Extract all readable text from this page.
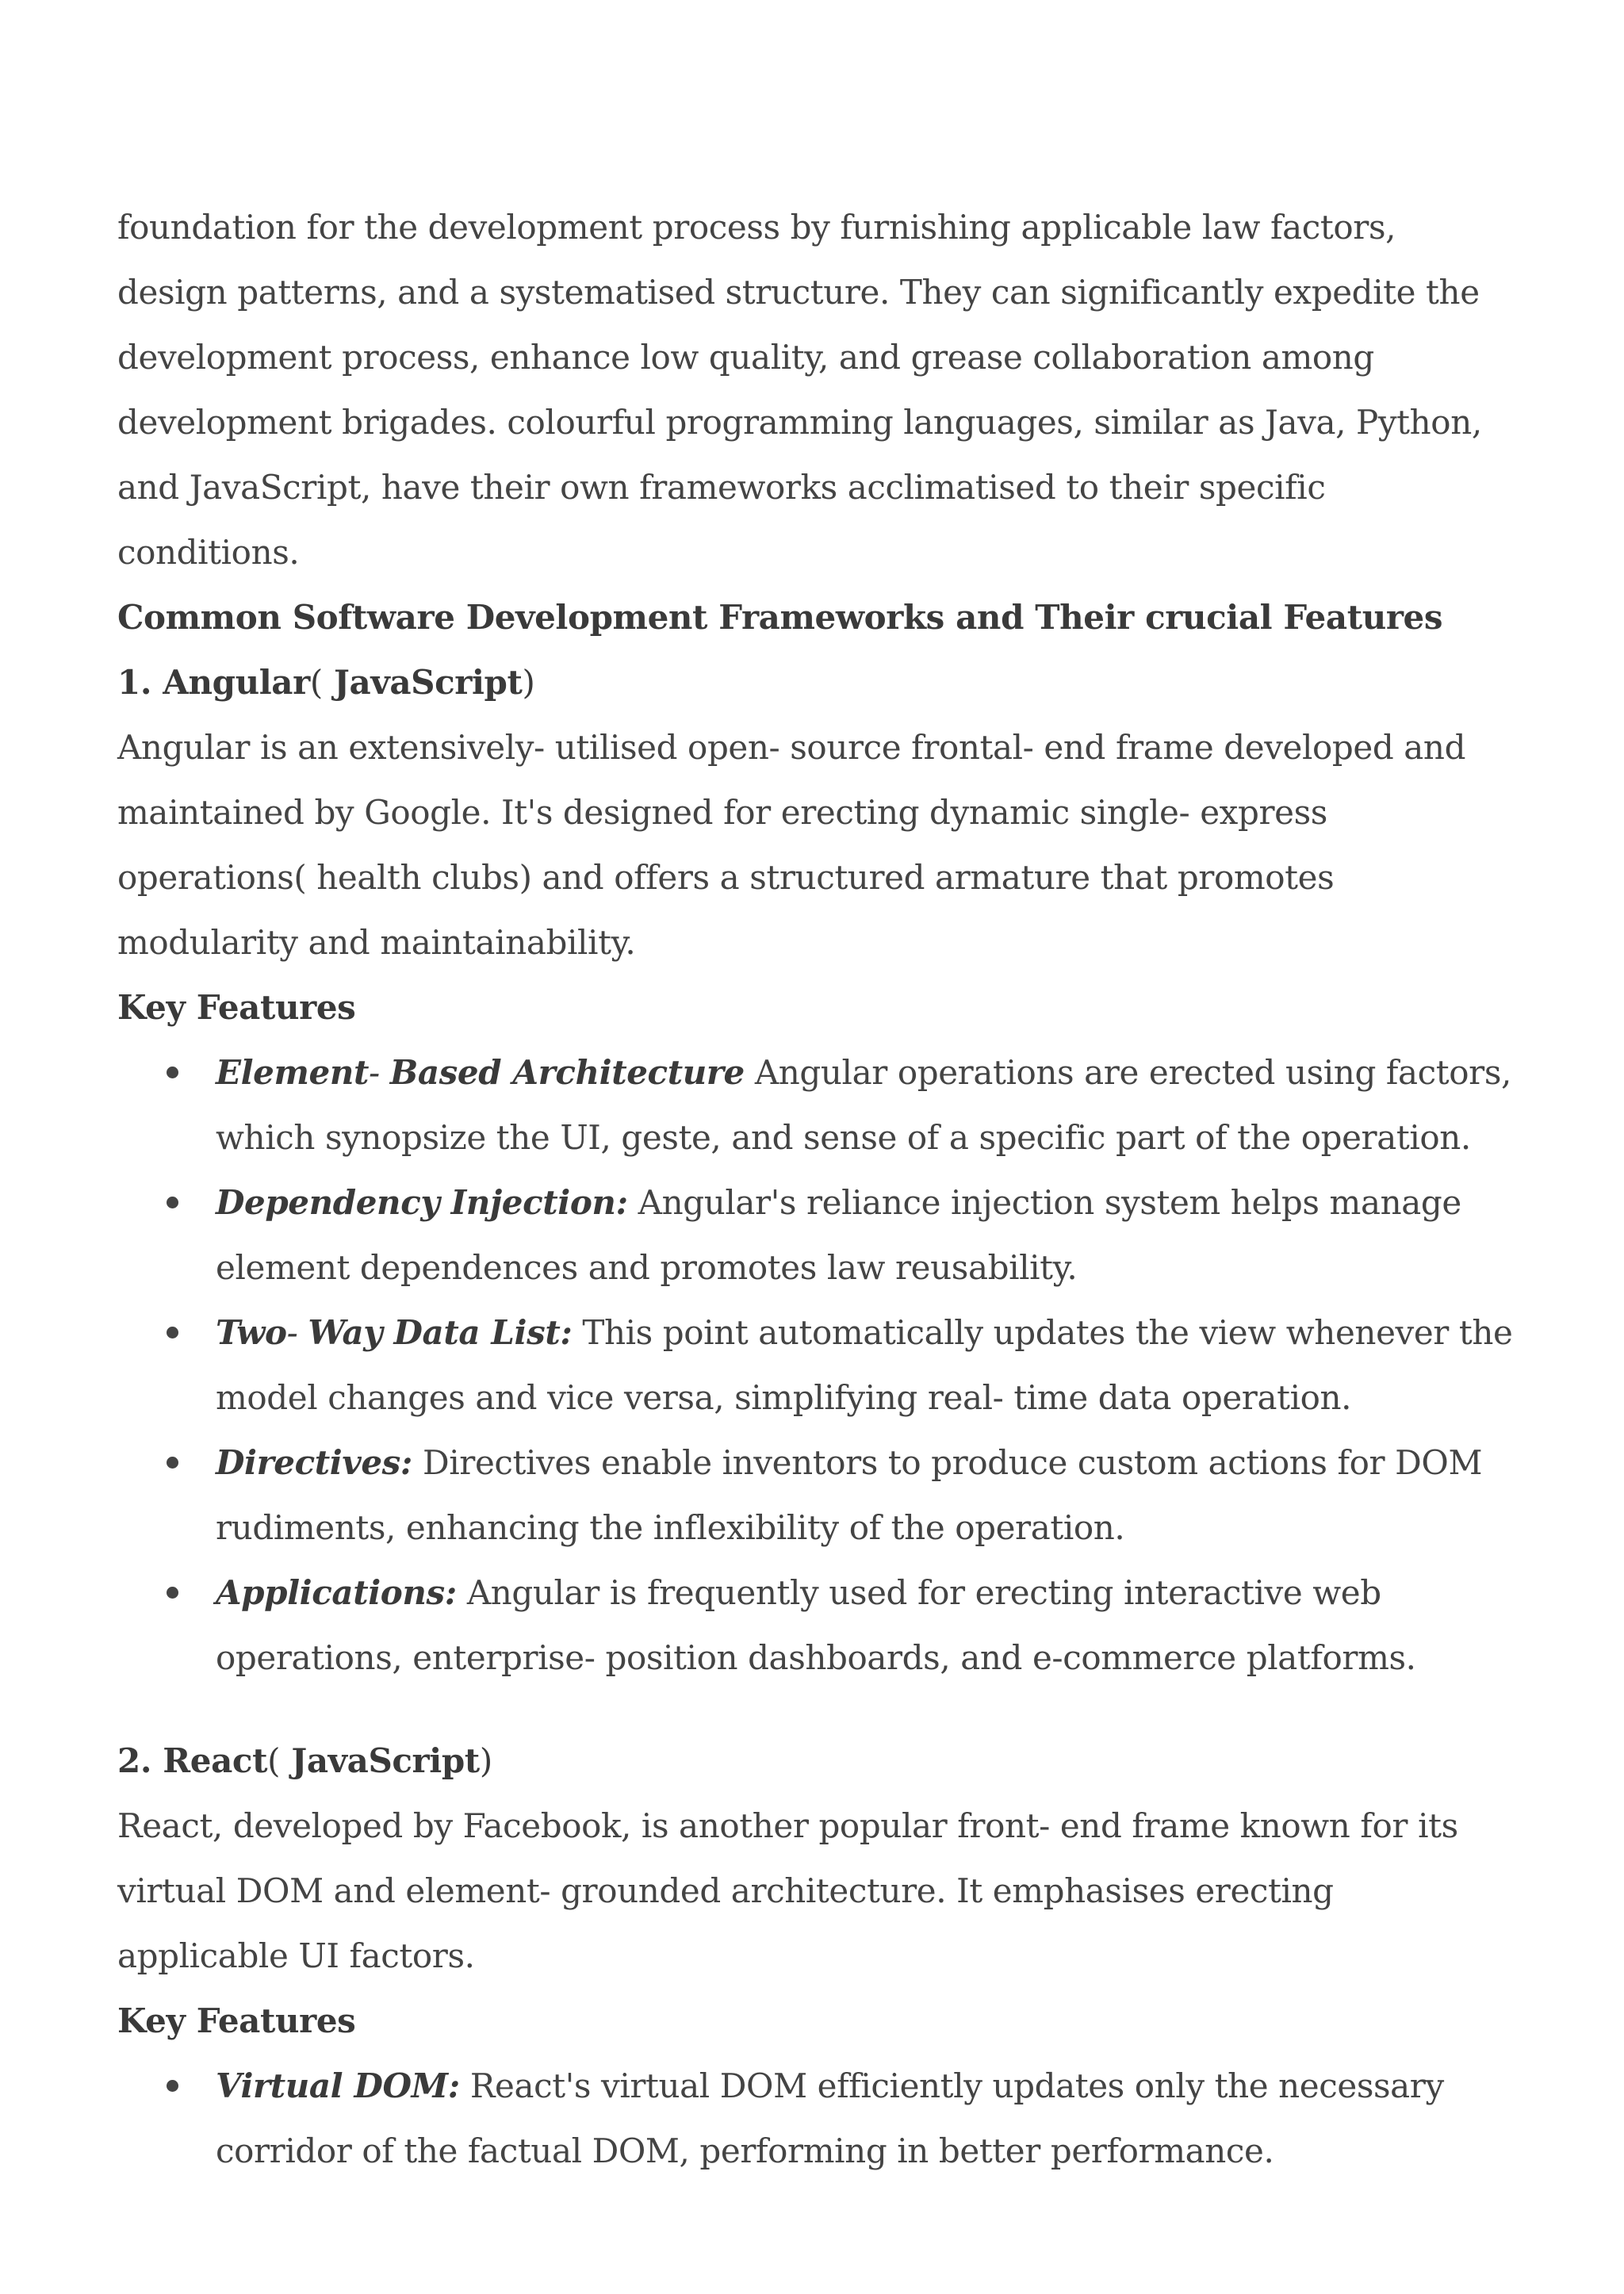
foundation for the development process by furnishing applicable law factors, design patterns, and a systematised structure. They can significantly expedite the development process, enhance low quality, and grease collaboration among development brigades. colourful programming languages, similar as Java, Python, and JavaScript, have their own frameworks acclimatised to their specific conditions.

Common Software Development Frameworks and Their crucial Features
1. Angular( JavaScript)

Angular is an extensively- utilised open- source frontal- end frame developed and maintained by Google. It's designed for erecting dynamic single- express operations( health clubs) and offers a structured armature that promotes modularity and maintainability.

Key Features
Element- Based Architecture Angular operations are erected using factors, which synopsize the UI, geste, and sense of a specific part of the operation.
Dependency Injection: Angular's reliance injection system helps manage element dependences and promotes law reusability.
Two- Way Data List: This point automatically updates the view whenever the model changes and vice versa, simplifying real- time data operation.
Directives: Directives enable inventors to produce custom actions for DOM rudiments, enhancing the inflexibility of the operation.
Applications: Angular is frequently used for erecting interactive web operations, enterprise- position dashboards, and e-commerce platforms.
2. React( JavaScript)

React, developed by Facebook, is another popular front- end frame known for its virtual DOM and element- grounded architecture. It emphasises erecting applicable UI factors.

Key Features
Virtual DOM: React's virtual DOM efficiently updates only the necessary corridor of the factual DOM, performing in better performance.
